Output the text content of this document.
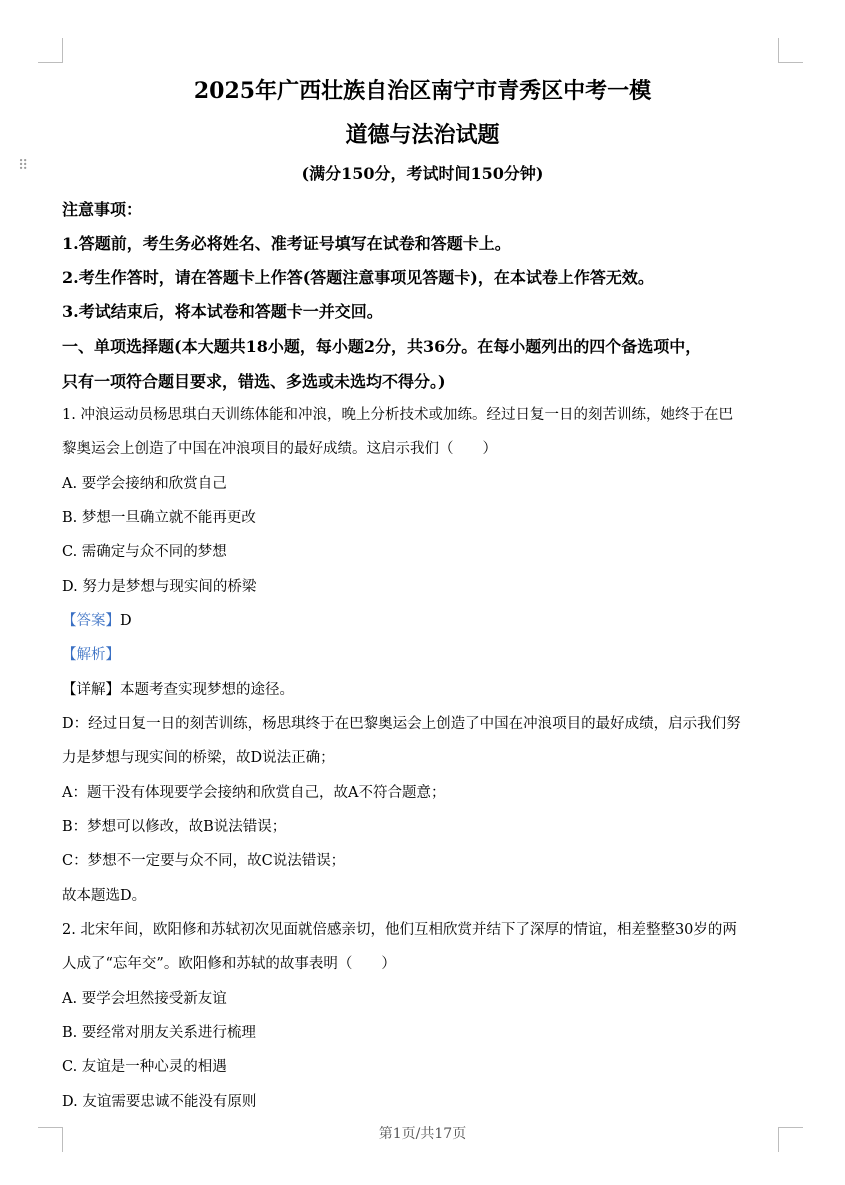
⠿
2025年广西壮族自治区南宁市青秀区中考一模
道德与法治试题
(满分150分，考试时间150分钟)
注意事项：
1.答题前，考生务必将姓名、准考证号填写在试卷和答题卡上。
2.考生作答时，请在答题卡上作答(答题注意事项见答题卡)，在本试卷上作答无效。
3.考试结束后，将本试卷和答题卡一并交回。
一、单项选择题(本大题共18小题，每小题2分，共36分。在每小题列出的四个备选项中，
只有一项符合题目要求，错选、多选或未选均不得分。)
1. 冲浪运动员杨思琪白天训练体能和冲浪，晚上分析技术或加练。经过日复一日的刻苦训练，她终于在巴
黎奥运会上创造了中国在冲浪项目的最好成绩。这启示我们（　　）
A. 要学会接纳和欣赏自己
B. 梦想一旦确立就不能再更改
C. 需确定与众不同的梦想
D. 努力是梦想与现实间的桥梁
【答案】D
【解析】
【详解】本题考查实现梦想的途径。
D：经过日复一日的刻苦训练，杨思琪终于在巴黎奥运会上创造了中国在冲浪项目的最好成绩，启示我们努
力是梦想与现实间的桥梁，故D说法正确；
A：题干没有体现要学会接纳和欣赏自己，故A不符合题意；
B：梦想可以修改，故B说法错误；
C：梦想不一定要与众不同，故C说法错误；
故本题选D。
2. 北宋年间，欧阳修和苏轼初次见面就倍感亲切，他们互相欣赏并结下了深厚的情谊，相差整整30岁的两
人成了“忘年交”。欧阳修和苏轼的故事表明（　　）
A. 要学会坦然接受新友谊
B. 要经常对朋友关系进行梳理
C. 友谊是一种心灵的相遇
D. 友谊需要忠诚不能没有原则
第1页/共17页
